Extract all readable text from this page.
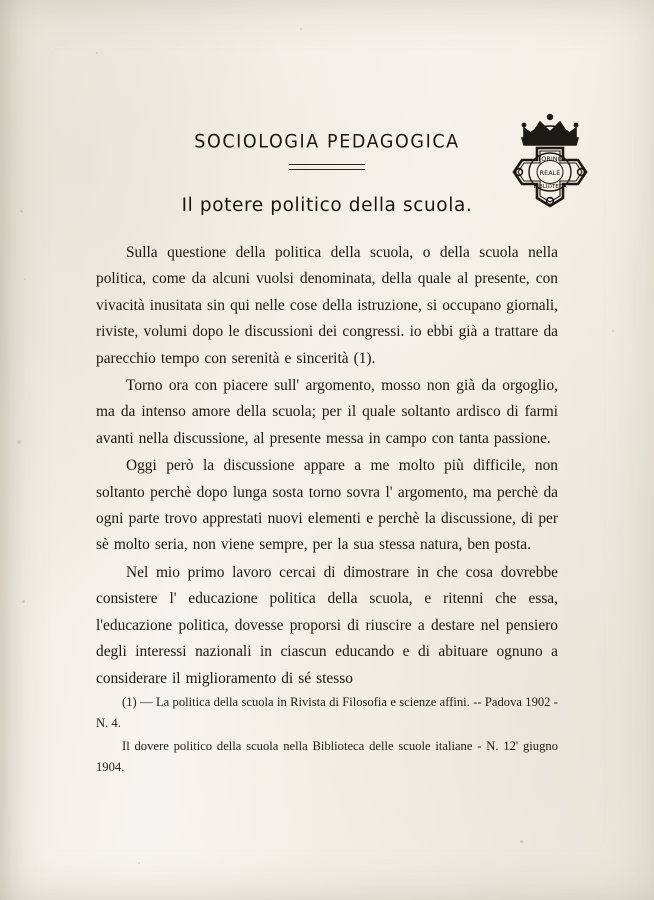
TORINO
REALE
BIBLIOTECA
SOCIOLOGIA PEDAGOGICA
Il potere politico della scuola.

Sulla questione della politica della scuola, o della scuola nella politica, come da alcuni vuolsi denominata, della quale al presente, con vivacità inusitata sin qui nelle cose della istruzione, si occupano giornali, riviste, volumi dopo le discussioni dei congressi. io ebbi già a trattare da parecchio tempo con serenità e sincerità (1).

Torno ora con piacere sull' argomento, mosso non già da orgoglio, ma da intenso amore della scuola; per il quale soltanto ardisco di farmi avanti nella discussione, al presente messa in campo con tanta passione.

Oggi però la discussione appare a me molto più difficile, non soltanto perchè dopo lunga sosta torno sovra l' argomento, ma perchè da ogni parte trovo apprestati nuovi elementi e perchè la discussione, di per sè molto seria, non viene sempre, per la sua stessa natura, ben posta.

Nel mio primo lavoro cercai di dimostrare in che cosa dovrebbe consistere l' educazione politica della scuola, e ritenni che essa, l'educazione politica, dovesse proporsi di riuscire a destare nel pensiero degli interessi nazionali in ciascun educando e di abituare ognuno a considerare il miglioramento di sé stesso

(1) — La politica della scuola in Rivista di Filosofia e scienze affini. -- Padova 1902 - N. 4.

Il dovere politico della scuola nella Biblioteca delle scuole italiane - N. 12' giugno 1904.
